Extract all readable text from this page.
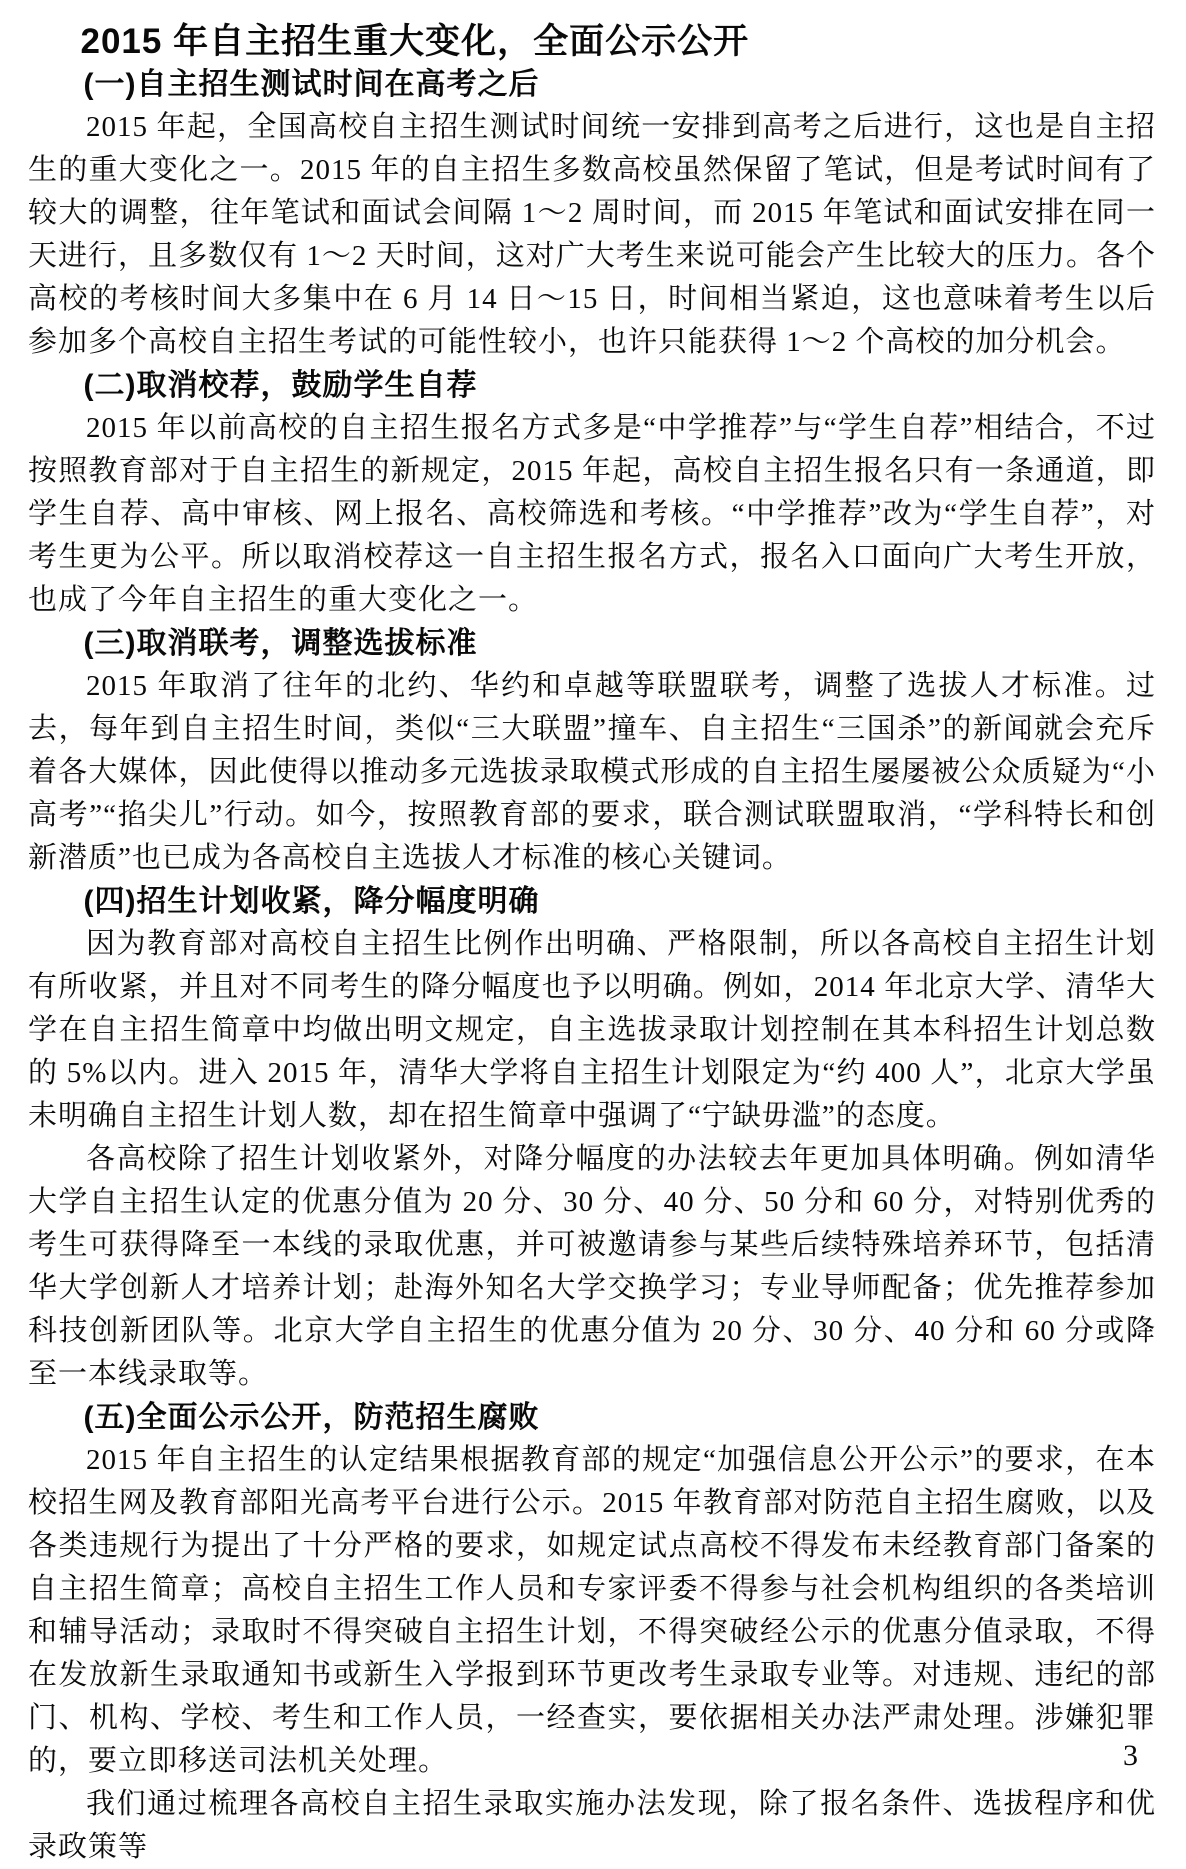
2015 年自主招生重大变化，全面公示公开
(一)自主招生测试时间在高考之后

2015 年起，全国高校自主招生测试时间统一安排到高考之后进行，这也是自主招生的重大变化之一。2015 年的自主招生多数高校虽然保留了笔试，但是考试时间有了较大的调整，往年笔试和面试会间隔 1～2 周时间，而 2015 年笔试和面试安排在同一天进行，且多数仅有 1～2 天时间，这对广大考生来说可能会产生比较大的压力。各个高校的考核时间大多集中在 6 月 14 日～15 日，时间相当紧迫，这也意味着考生以后参加多个高校自主招生考试的可能性较小，也许只能获得 1～2 个高校的加分机会。

(二)取消校荐，鼓励学生自荐

2015 年以前高校的自主招生报名方式多是“中学推荐”与“学生自荐”相结合，不过按照教育部对于自主招生的新规定，2015 年起，高校自主招生报名只有一条通道，即学生自荐、高中审核、网上报名、高校筛选和考核。“中学推荐”改为“学生自荐”，对考生更为公平。所以取消校荐这一自主招生报名方式，报名入口面向广大考生开放，也成了今年自主招生的重大变化之一。

(三)取消联考，调整选拔标准

2015 年取消了往年的北约、华约和卓越等联盟联考，调整了选拔人才标准。过去，每年到自主招生时间，类似“三大联盟”撞车、自主招生“三国杀”的新闻就会充斥着各大媒体，因此使得以推动多元选拔录取模式形成的自主招生屡屡被公众质疑为“小高考”“掐尖儿”行动。如今，按照教育部的要求，联合测试联盟取消，“学科特长和创新潜质”也已成为各高校自主选拔人才标准的核心关键词。

(四)招生计划收紧，降分幅度明确

因为教育部对高校自主招生比例作出明确、严格限制，所以各高校自主招生计划有所收紧，并且对不同考生的降分幅度也予以明确。例如，2014 年北京大学、清华大学在自主招生简章中均做出明文规定，自主选拔录取计划控制在其本科招生计划总数的 5%以内。进入 2015 年，清华大学将自主招生计划限定为“约 400 人”，北京大学虽未明确自主招生计划人数，却在招生简章中强调了“宁缺毋滥”的态度。

各高校除了招生计划收紧外，对降分幅度的办法较去年更加具体明确。例如清华大学自主招生认定的优惠分值为 20 分、30 分、40 分、50 分和 60 分，对特别优秀的考生可获得降至一本线的录取优惠，并可被邀请参与某些后续特殊培养环节，包括清华大学创新人才培养计划；赴海外知名大学交换学习；专业导师配备；优先推荐参加科技创新团队等。北京大学自主招生的优惠分值为 20 分、30 分、40 分和 60 分或降至一本线录取等。

(五)全面公示公开，防范招生腐败

2015 年自主招生的认定结果根据教育部的规定“加强信息公开公示”的要求，在本校招生网及教育部阳光高考平台进行公示。2015 年教育部对防范自主招生腐败，以及各类违规行为提出了十分严格的要求，如规定试点高校不得发布未经教育部门备案的自主招生简章；高校自主招生工作人员和专家评委不得参与社会机构组织的各类培训和辅导活动；录取时不得突破自主招生计划，不得突破经公示的优惠分值录取，不得在发放新生录取通知书或新生入学报到环节更改考生录取专业等。对违规、违纪的部门、机构、学校、考生和工作人员，一经查实，要依据相关办法严肃处理。涉嫌犯罪的，要立即移送司法机关处理。

我们通过梳理各高校自主招生录取实施办法发现，除了报名条件、选拔程序和优录政策等

3
